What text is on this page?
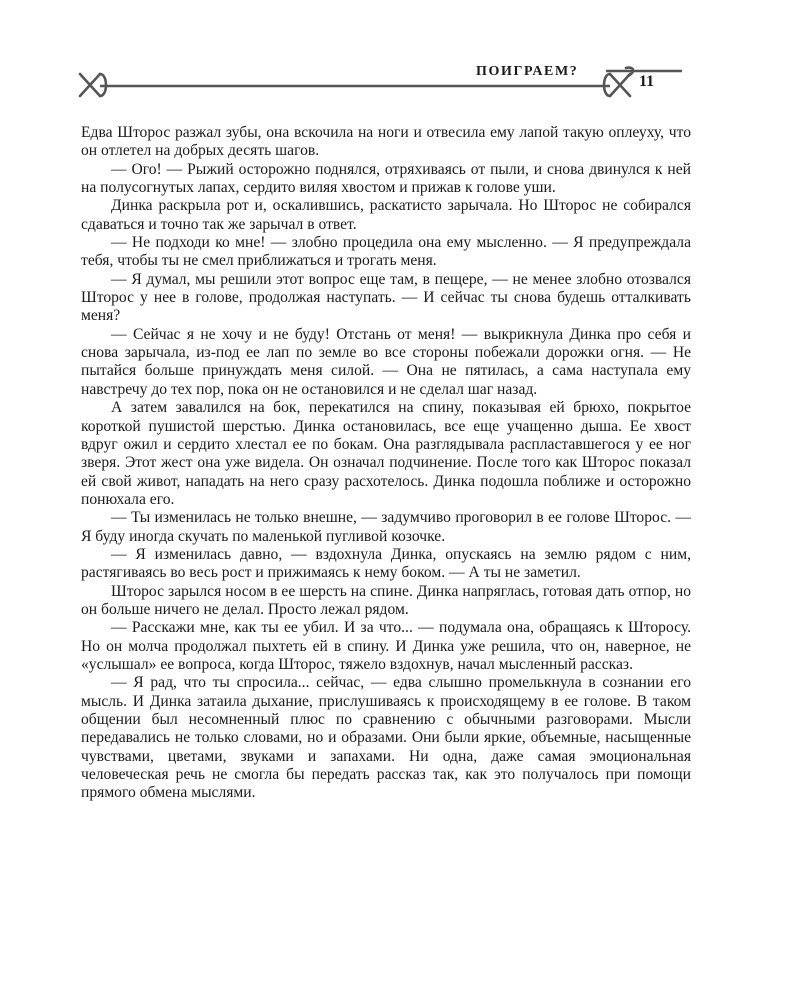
ПОИГРАЕМ?
11

Едва Шторос разжал зубы, она вскочила на ноги и отвесила ему лапой такую оплеуху, что он отлетел на добрых десять шагов.

— Ого! — Рыжий осторожно поднялся, отряхиваясь от пыли, и снова двинулся к ней на полусогнутых лапах, сердито виляя хвостом и прижав к голове уши.

Динка раскрыла рот и, оскалившись, раскатисто зарычала. Но Шторос не собирался сдаваться и точно так же зарычал в ответ.

— Не подходи ко мне! — злобно процедила она ему мысленно. — Я предупреждала тебя, чтобы ты не смел приближаться и трогать меня.

— Я думал, мы решили этот вопрос еще там, в пещере, — не менее злобно отозвался Шторос у нее в голове, продолжая наступать. — И сейчас ты снова будешь отталкивать меня?

— Сейчас я не хочу и не буду! Отстань от меня! — выкрикнула Динка про себя и снова зарычала, из-под ее лап по земле во все стороны побежали дорожки огня. — Не пытайся больше принуждать меня силой. — Она не пятилась, а сама наступала ему навстречу до тех пор, пока он не остановился и не сделал шаг назад.

А затем завалился на бок, перекатился на спину, показывая ей брюхо, покрытое короткой пушистой шерстью. Динка остановилась, все еще учащенно дыша. Ее хвост вдруг ожил и сердито хлестал ее по бокам. Она разглядывала распластавшегося у ее ног зверя. Этот жест она уже видела. Он означал подчинение. После того как Шторос показал ей свой живот, нападать на него сразу расхотелось. Динка подошла поближе и осторожно понюхала его.

— Ты изменилась не только внешне, — задумчиво проговорил в ее голове Шторос. — Я буду иногда скучать по маленькой пугливой козочке.

— Я изменилась давно, — вздохнула Динка, опускаясь на землю рядом с ним, растягиваясь во весь рост и прижимаясь к нему боком. — А ты не заметил.

Шторос зарылся носом в ее шерсть на спине. Динка напряглась, готовая дать отпор, но он больше ничего не делал. Просто лежал рядом.

— Расскажи мне, как ты ее убил. И за что... — подумала она, обращаясь к Шторосу. Но он молча продолжал пыхтеть ей в спину. И Динка уже решила, что он, наверное, не «услышал» ее вопроса, когда Шторос, тяжело вздохнув, начал мысленный рассказ.

— Я рад, что ты спросила... сейчас, — едва слышно промелькнула в сознании его мысль. И Динка затаила дыхание, прислушиваясь к происходящему в ее голове. В таком общении был несомненный плюс по сравнению с обычными разговорами. Мысли передавались не только словами, но и образами. Они были яркие, объемные, насыщенные чувствами, цветами, звуками и запахами. Ни одна, даже самая эмоциональная человеческая речь не смогла бы передать рассказ так, как это получалось при помощи прямого обмена мыслями.
